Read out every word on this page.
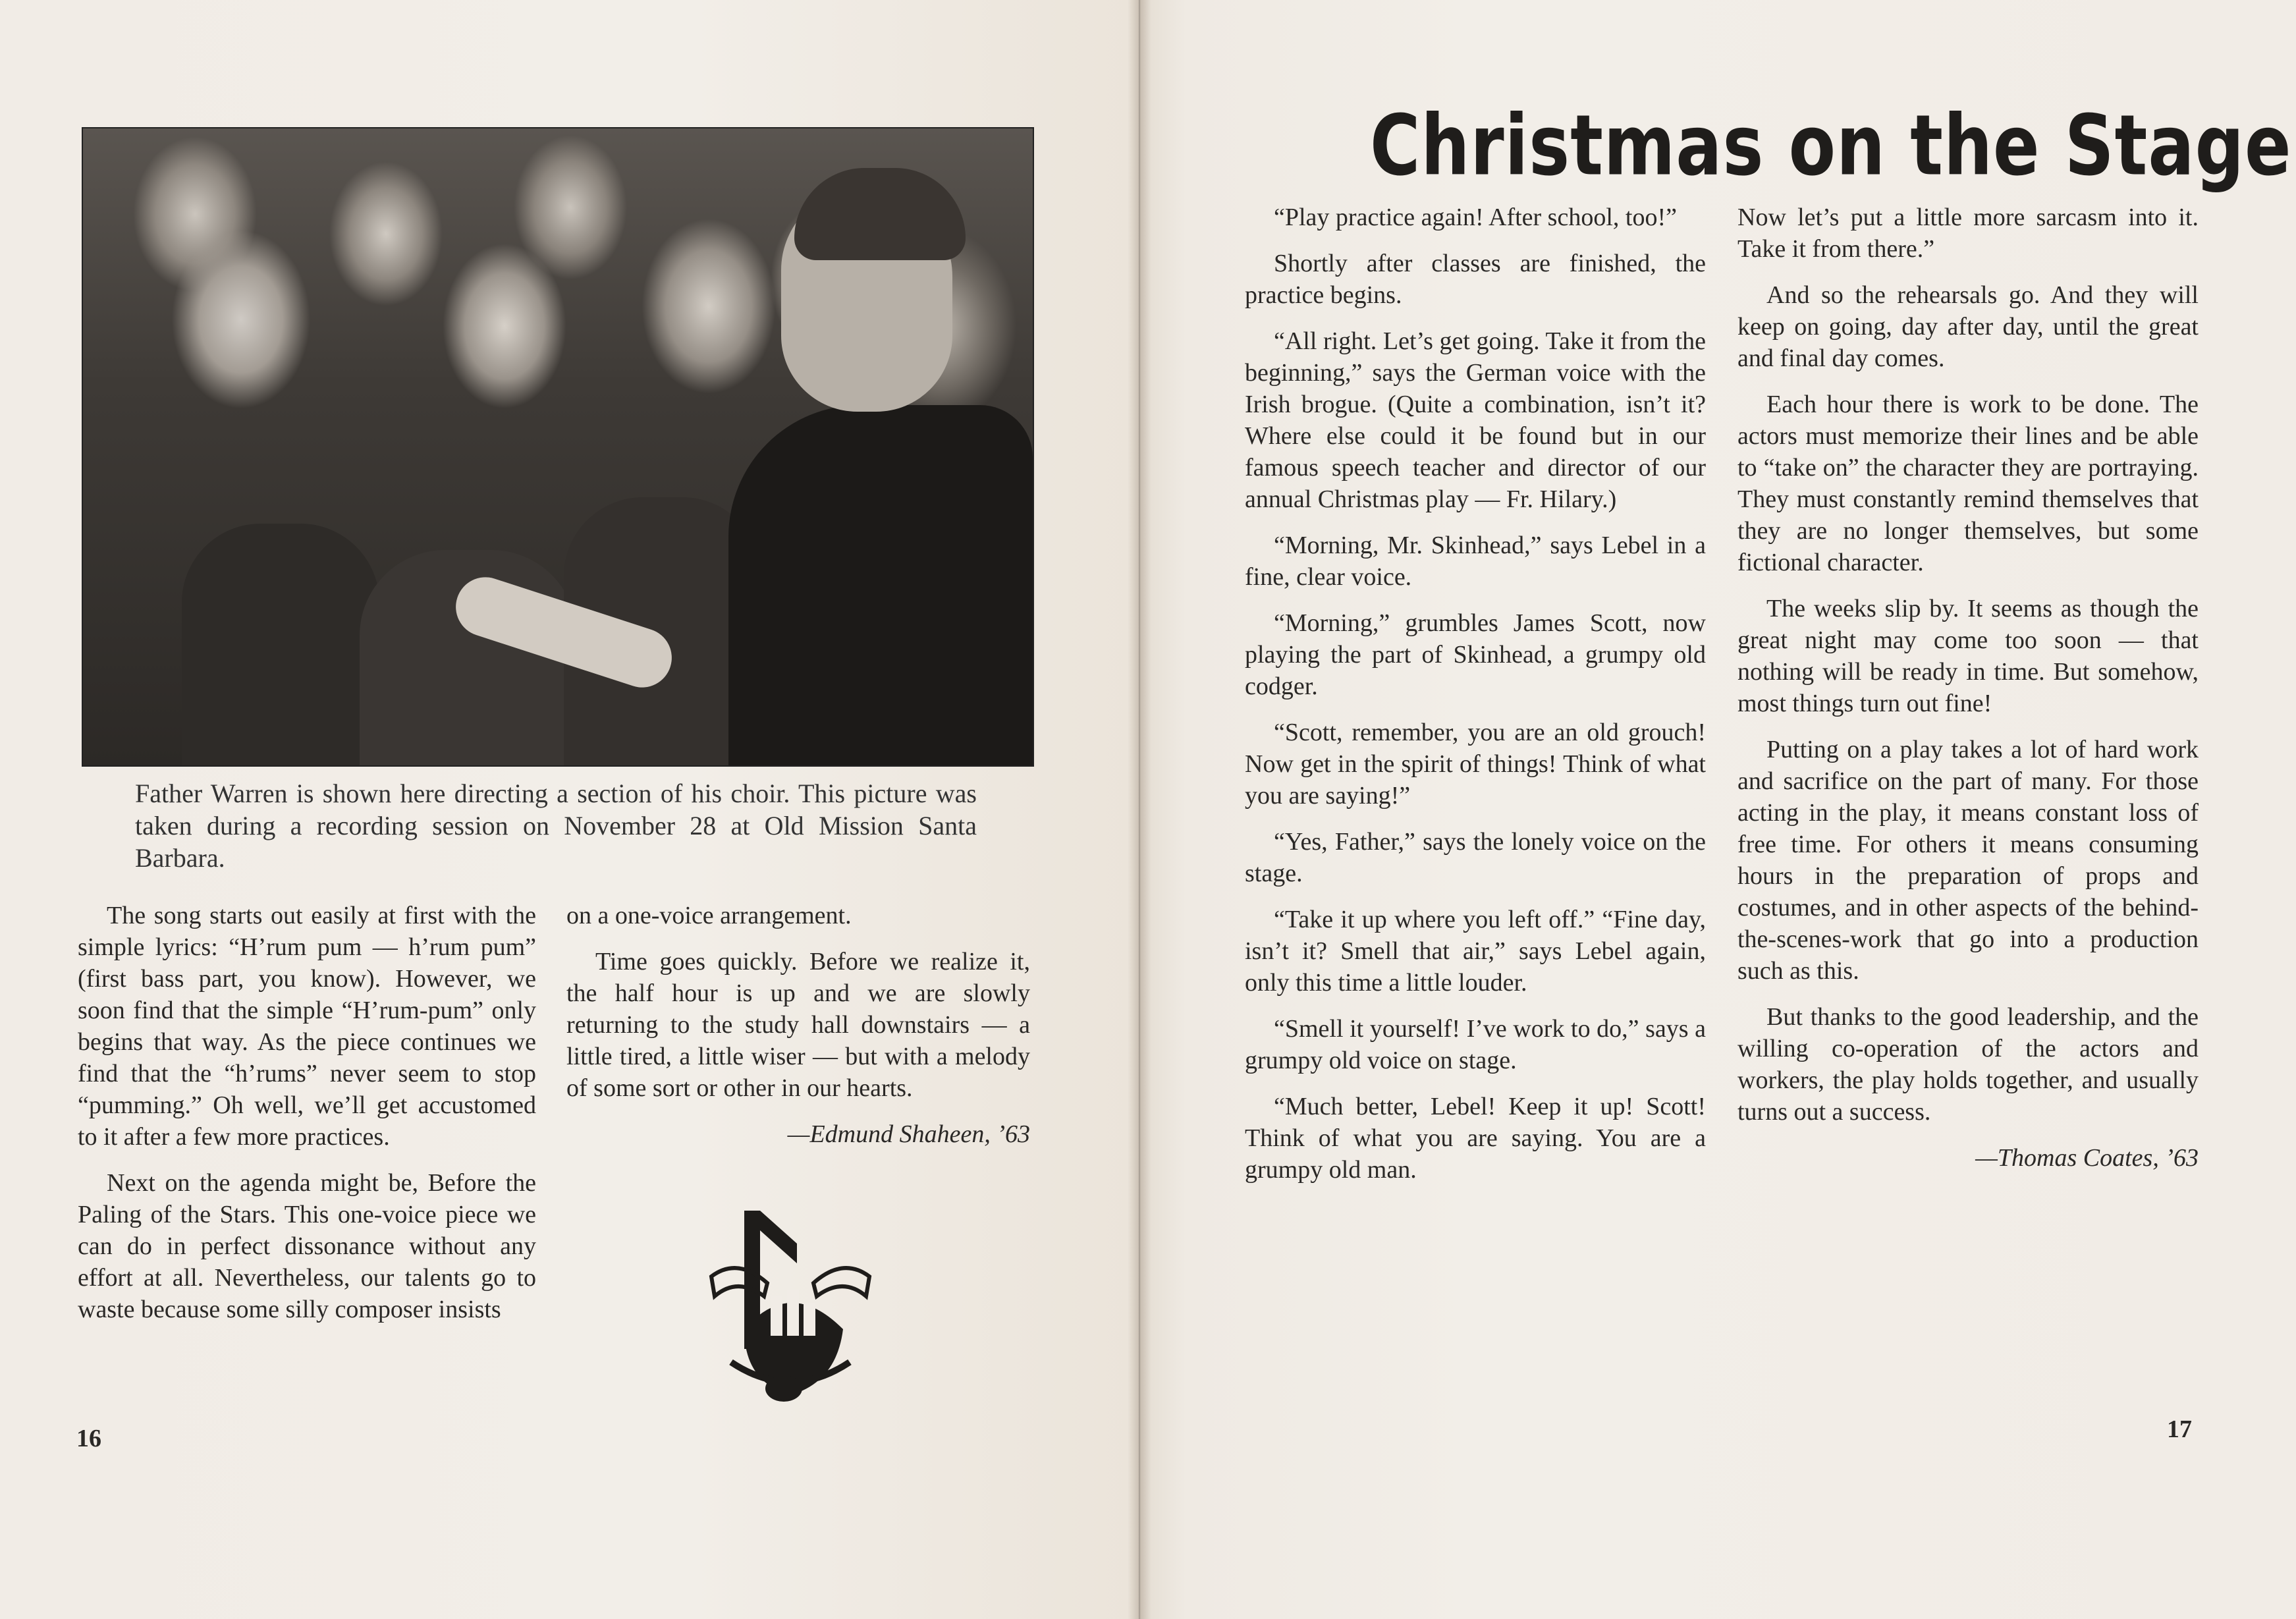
Father Warren is shown here directing a section of his choir. This picture was taken during a recording session on November 28 at Old Mission Santa Barbara.

The song starts out easily at first with the simple lyrics: “H’rum pum — h’rum pum” (first bass part, you know). However, we soon find that the simple “H’rum-pum” only begins that way. As the piece continues we find that the “h’rums” never seem to stop “pumming.” Oh well, we’ll get accustomed to it after a few more practices.

Next on the agenda might be, Before the Paling of the Stars. This one-voice piece we can do in perfect dissonance without any effort at all. Nevertheless, our talents go to waste because some silly composer insists

on a one-voice arrangement.

Time goes quickly. Before we realize it, the half hour is up and we are slowly returning to the study hall downstairs — a little tired, a little wiser — but with a melody of some sort or other in our hearts.

—Edmund Shaheen, ’63

16
Christmas on the Stage

“Play practice again! After school, too!”

Shortly after classes are finished, the practice begins.

“All right. Let’s get going. Take it from the beginning,” says the German voice with the Irish brogue. (Quite a combination, isn’t it? Where else could it be found but in our famous speech teacher and director of our annual Christmas play — Fr. Hilary.)

“Morning, Mr. Skinhead,” says Lebel in a fine, clear voice.

“Morning,” grumbles James Scott, now playing the part of Skinhead, a grumpy old codger.

“Scott, remember, you are an old grouch! Now get in the spirit of things! Think of what you are saying!”

“Yes, Father,” says the lonely voice on the stage.

“Take it up where you left off.” “Fine day, isn’t it? Smell that air,” says Lebel again, only this time a little louder.

“Smell it yourself! I’ve work to do,” says a grumpy old voice on stage.

“Much better, Lebel! Keep it up! Scott! Think of what you are saying. You are a grumpy old man.

Now let’s put a little more sarcasm into it. Take it from there.”

And so the rehearsals go. And they will keep on going, day after day, until the great and final day comes.

Each hour there is work to be done. The actors must memorize their lines and be able to “take on” the character they are portraying. They must constantly remind themselves that they are no longer themselves, but some fictional character.

The weeks slip by. It seems as though the great night may come too soon — that nothing will be ready in time. But somehow, most things turn out fine!

Putting on a play takes a lot of hard work and sacrifice on the part of many. For those acting in the play, it means constant loss of free time. For others it means consuming hours in the preparation of props and costumes, and in other aspects of the behind-the-scenes-work that go into a production such as this.

But thanks to the good leadership, and the willing co-operation of the actors and workers, the play holds together, and usually turns out a success.

—Thomas Coates, ’63

17
